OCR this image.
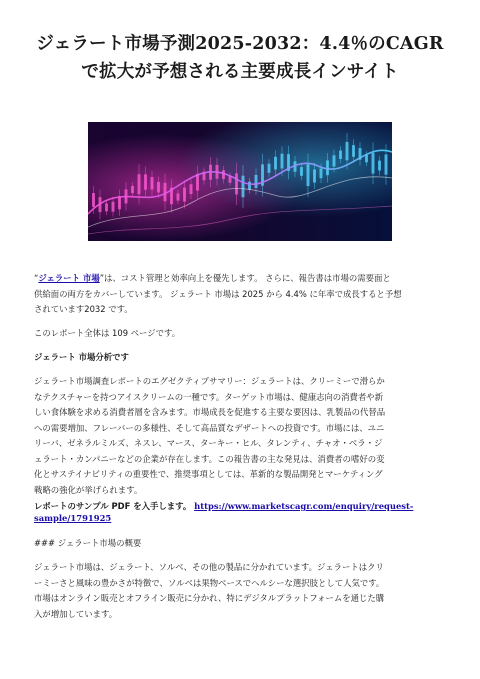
ジェラート市場予測2025-2032：4.4％のCAGR
で拡大が予想される主要成長インサイト

“ジェラート 市場”は、コスト管理と効率向上を優先します。 さらに、報告書は市場の需要面と
供給面の両方をカバーしています。 ジェラート 市場は 2025 から 4.4% に年率で成長すると予想
されています2032 です。

このレポート全体は 109 ページです。

ジェラート 市場分析です

ジェラート市場調査レポートのエグゼクティブサマリー：ジェラートは、クリーミーで滑らか
なテクスチャーを持つアイスクリームの一種です。ターゲット市場は、健康志向の消費者や新
しい食体験を求める消費者層を含みます。市場成長を促進する主要な要因は、乳製品の代替品
への需要増加、フレーバーの多様性、そして高品質なデザートへの投資です。市場には、ユニ
リーバ、ゼネラルミルズ、ネスレ、マース、ターキー・ヒル、タレンティ、チャオ・ベラ・ジ
ェラート・カンパニーなどの企業が存在します。この報告書の主な発見は、消費者の嗜好の変
化とサステイナビリティの重要性で、推奨事項としては、革新的な製品開発とマーケティング
戦略の強化が挙げられます。

レポートのサンプル PDF を入手します。 https://www.marketscagr.com/enquiry/request-
sample/1791925

### ジェラート市場の概要

ジェラート市場は、ジェラート、ソルベ、その他の製品に分かれています。ジェラートはクリ
ーミーさと風味の豊かさが特徴で、ソルベは果物ベースでヘルシーな選択肢として人気です。
市場はオンライン販売とオフライン販売に分かれ、特にデジタルプラットフォームを通じた購
入が増加しています。
